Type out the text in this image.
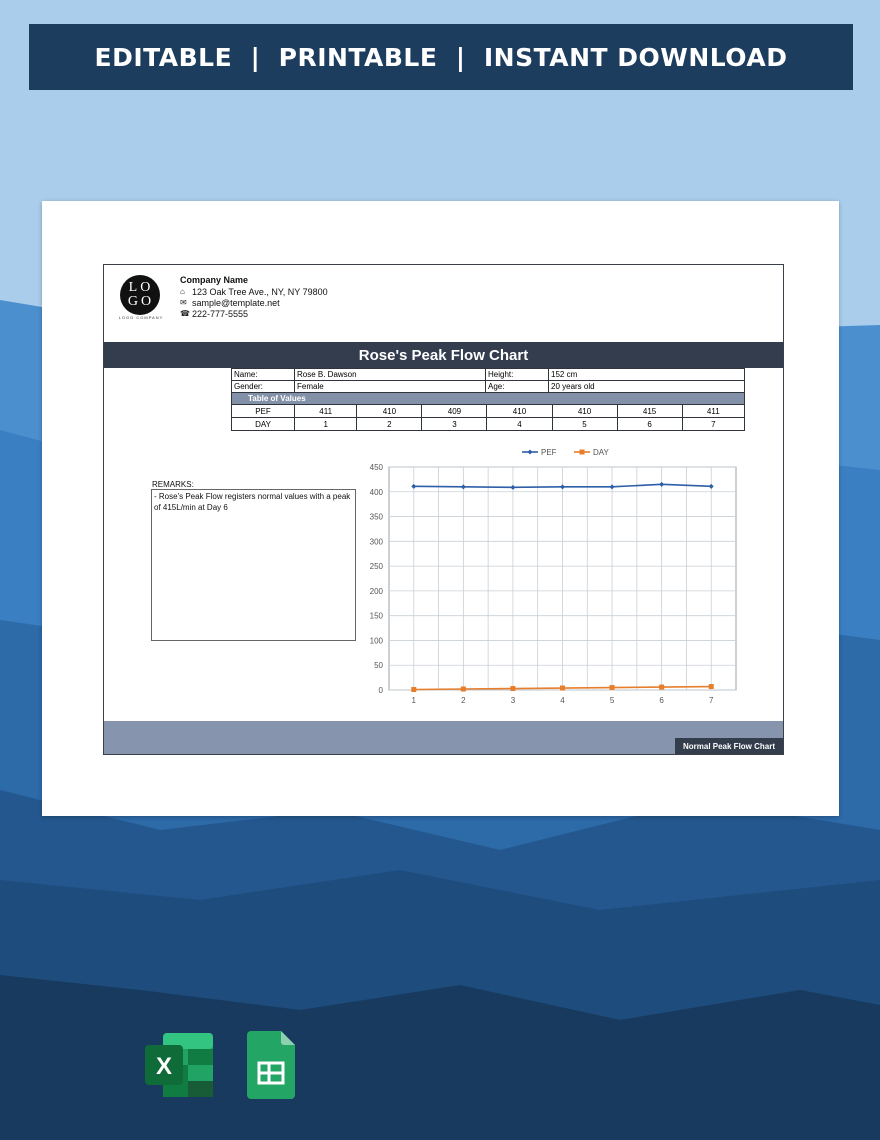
EDITABLE  |  PRINTABLE  |  INSTANT DOWNLOAD
LO
GO
LOGO COMPANY
Company Name
⌂ 123 Oak Tree Ave., NY, NY 79800
✉ sample@template.net
☎ 222-777-5555
Rose's Peak Flow Chart
Name:	Rose B. Dawson	Height:	152 cm
Gender:	Female	Age:	20 years old
Table of Values							
PEF	411	410	409	410	410	415	411
DAY	1	2	3	4	5	6	7
REMARKS:
- Rose's Peak Flow registers normal values with a peak of 415L/min at Day 6
0
50
100
150
200
250
300
350
400
450
1	2	3	4	5	6	7
PEF	DAY
Normal Peak Flow Chart
X
